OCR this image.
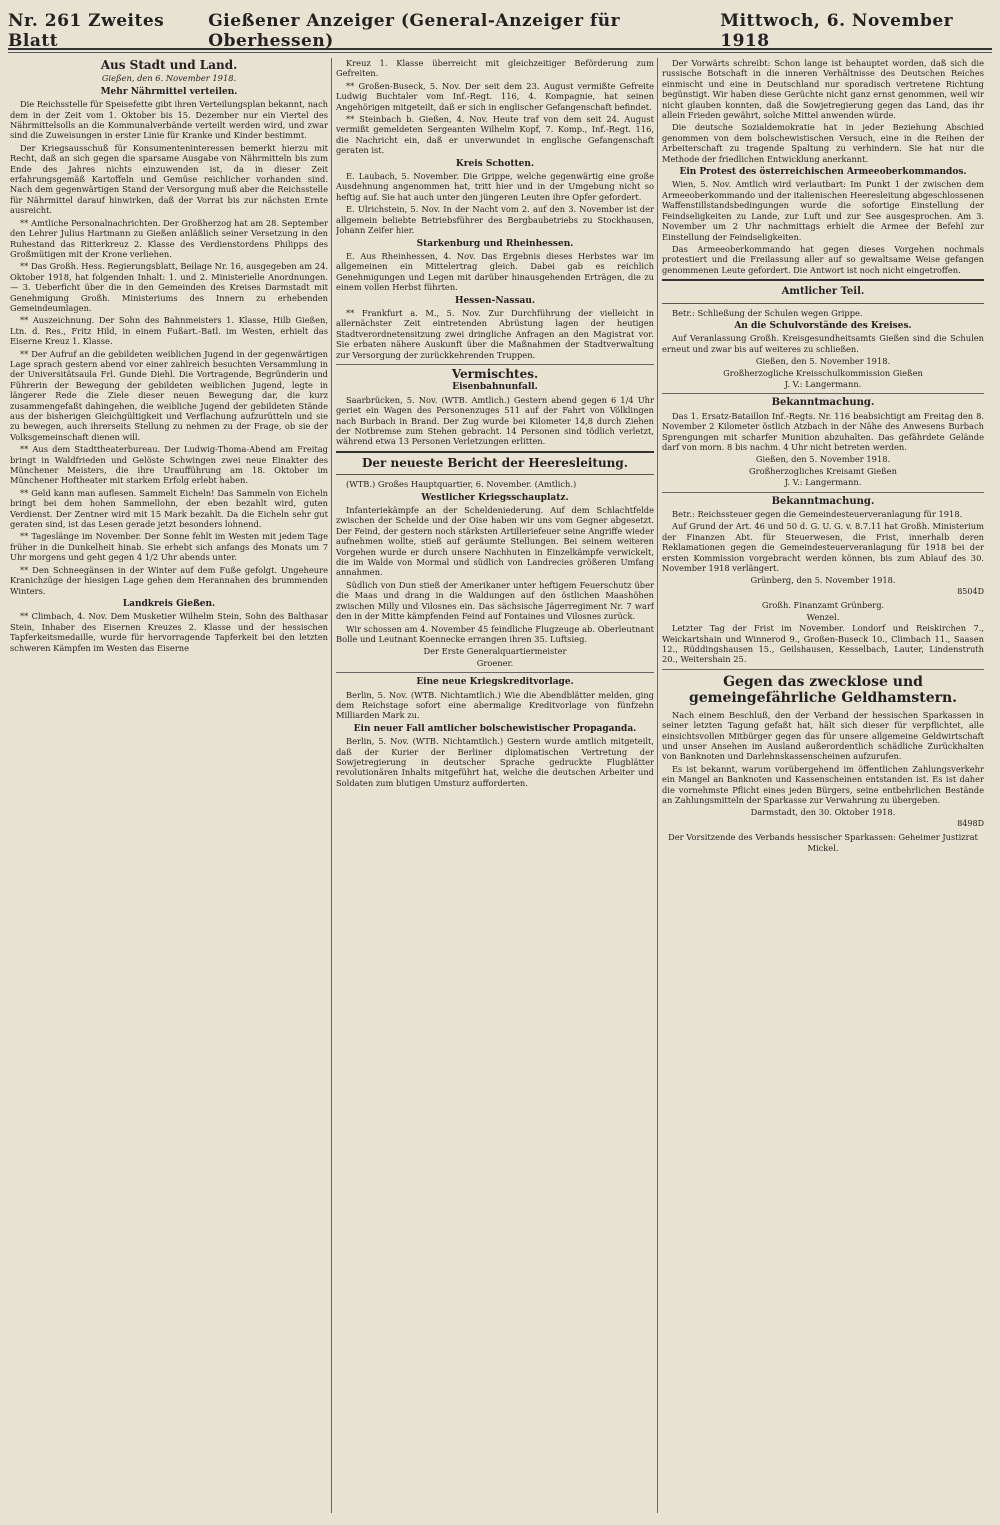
Nr. 261 Zweites Blatt
Gießener Anzeiger (General-Anzeiger für Oberhessen)
Mittwoch, 6. November 1918
Aus Stadt und Land.
Gießen, den 6. November 1918.
Mehr Nährmittel verteilen.

Die Reichsstelle für Speisefette gibt ihren Verteilungsplan bekannt, nach dem in der Zeit vom 1. Oktober bis 15. Dezember nur ein Viertel des Nährmittelsolls an die Kommunalverbände verteilt werden wird, und zwar sind die Zuweisungen in erster Linie für Kranke und Kinder bestimmt.

Der Kriegsausschuß für Konsumenteninteressen bemerkt hierzu mit Recht, daß an sich gegen die sparsame Ausgabe von Nährmitteln bis zum Ende des Jahres nichts einzuwenden ist, da in dieser Zeit erfahrungsgemäß Kartoffeln und Gemüse reichlicher vorhanden sind. Nach dem gegenwärtigen Stand der Versorgung muß aber die Reichsstelle für Nährmittel darauf hinwirken, daß der Vorrat bis zur nächsten Ernte ausreicht.

** Amtliche Personalnachrichten. Der Großherzog hat am 28. September den Lehrer Julius Hartmann zu Gießen anläßlich seiner Versetzung in den Ruhestand das Ritterkreuz 2. Klasse des Verdienstordens Philipps des Großmütigen mit der Krone verliehen.

** Das Großh. Hess. Regierungsblatt, Beilage Nr. 16, ausgegeben am 24. Oktober 1918, hat folgenden Inhalt: 1. und 2. Ministerielle Anordnungen. — 3. Ueberficht über die in den Gemeinden des Kreises Darmstadt mit Genehmigung Großh. Ministeriums des Innern zu erhebenden Gemeindeumlagen.

** Auszeichnung. Der Sohn des Bahnmeisters 1. Klasse, Hilb Gießen, Ltn. d. Res., Fritz Hild, in einem Fußart.-Batl. im Westen, erhielt das Eiserne Kreuz 1. Klasse.

** Der Aufruf an die gebildeten weiblichen Jugend in der gegenwärtigen Lage sprach gestern abend vor einer zahlreich besuchten Versammlung in der Universitätsaula Frl. Gunde Diehl. Die Vortragende, Begründerin und Führerin der Bewegung der gebildeten weiblichen Jugend, legte in längerer Rede die Ziele dieser neuen Bewegung dar, die kurz zusammengefaßt dahingehen, die weibliche Jugend der gebildeten Stände aus der bisherigen Gleichgültigkeit und Verflachung aufzurütteln und sie zu bewegen, auch ihrerseits Stellung zu nehmen zu der Frage, ob sie der Volksgemeinschaft dienen will.

** Aus dem Stadttheaterbureau. Der Ludwig-Thoma-Abend am Freitag bringt in Waldfrieden und Gelöste Schwingen zwei neue Einakter des Münchener Meisters, die ihre Uraufführung am 18. Oktober im Münchener Hoftheater mit starkem Erfolg erlebt haben.

** Geld kann man auflesen. Sammelt Eicheln! Das Sammeln von Eicheln bringt bei dem hohen Sammellohn, der eben bezahlt wird, guten Verdienst. Der Zentner wird mit 15 Mark bezahlt. Da die Eicheln sehr gut geraten sind, ist das Lesen gerade jetzt besonders lohnend.

** Tageslänge im November. Der Sonne fehlt im Westen mit jedem Tage früher in die Dunkelheit hinab. Sie erhebt sich anfangs des Monats um 7 Uhr morgens und geht gegen 4 1/2 Uhr abends unter.

** Den Schneegänsen in der Winter auf dem Fuße gefolgt. Ungeheure Kranichzüge der hiesigen Lage gehen dem Herannahen des brummenden Winters.

Landkreis Gießen.

** Climbach, 4. Nov. Dem Musketier Wilhelm Stein, Sohn des Balthasar Stein, Inhaber des Eisernen Kreuzes 2. Klasse und der hessischen Tapferkeitsmedaille, wurde für hervorragende Tapferkeit bei den letzten schweren Kämpfen im Westen das Eiserne

Kreuz 1. Klasse überreicht mit gleichzeitiger Beförderung zum Gefreiten.

** Großen-Buseck, 5. Nov. Der seit dem 23. August vermißte Gefreite Ludwig Buchtaler vom Inf.-Regt. 116, 4. Kompagnie, hat seinen Angehörigen mitgeteilt, daß er sich in englischer Gefangenschaft befindet.

** Steinbach b. Gießen, 4. Nov. Heute traf von dem seit 24. August vermißt gemeldeten Sergeanten Wilhelm Kopf, 7. Komp., Inf.-Regt. 116, die Nachricht ein, daß er unverwundet in englische Gefangenschaft geraten ist.

Kreis Schotten.

E. Laubach, 5. November. Die Grippe, welche gegenwärtig eine große Ausdehnung angenommen hat, tritt hier und in der Umgebung nicht so heftig auf. Sie hat auch unter den jüngeren Leuten ihre Opfer gefordert.

E. Ulrichstein, 5. Nov. In der Nacht vom 2. auf den 3. November ist der allgemein beliebte Betriebsführer des Bergbaubetriebs zu Stockhausen, Johann Zeifer hier.

Starkenburg und Rheinhessen.

E. Aus Rheinhessen, 4. Nov. Das Ergebnis dieses Herbstes war im allgemeinen ein Mittelertrag gleich. Dabei gab es reichlich Genehmigungen und Legen mit darüber hinausgehenden Erträgen, die zu einem vollen Herbst führten.

Hessen-Nassau.

** Frankfurt a. M., 5. Nov. Zur Durchführung der vielleicht in allernächster Zeit eintretenden Abrüstung lagen der heutigen Stadtverordnetensitzung zwei dringliche Anfragen an den Magistrat vor. Sie erbaten nähere Auskunft über die Maßnahmen der Stadtverwaltung zur Versorgung der zurückkehrenden Truppen.

Vermischtes.
Eisenbahnunfall.

Saarbrücken, 5. Nov. (WTB. Amtlich.) Gestern abend gegen 6 1/4 Uhr geriet ein Wagen des Personenzuges 511 auf der Fahrt von Völklingen nach Burbach in Brand. Der Zug wurde bei Kilometer 14,8 durch Ziehen der Notbremse zum Stehen gebracht. 14 Personen sind tödlich verletzt, während etwa 13 Personen Verletzungen erlitten.

Der neueste Bericht der Heeresleitung.

(WTB.) Großes Hauptquartier, 6. November. (Amtlich.)

Westlicher Kriegsschauplatz.

Infanteriekämpfe an der Scheldeniederung. Auf dem Schlachtfelde zwischen der Schelde und der Oise haben wir uns vom Gegner abgesetzt. Der Feind, der gestern noch stärksten Artilleriefeuer seine Angriffe wieder aufnehmen wollte, stieß auf geräumte Stellungen. Bei seinem weiteren Vorgehen wurde er durch unsere Nachhuten in Einzelkämpfe verwickelt, die im Walde von Mormal und südlich von Landrecies größeren Umfang annahmen.

Südlich von Dun stieß der Amerikaner unter heftigem Feuerschutz über die Maas und drang in die Waldungen auf den östlichen Maashöhen zwischen Milly und Vilosnes ein. Das sächsische Jägerregiment Nr. 7 warf den in der Mitte kämpfenden Feind auf Fontaines und Vilosnes zurück.

Wir schossen am 4. November 45 feindliche Flugzeuge ab. Oberleutnant Bolle und Leutnant Koennecke errangen ihren 35. Luftsieg.

Der Erste Generalquartiermeister
Groener.
Eine neue Kriegskreditvorlage.

Berlin, 5. Nov. (WTB. Nichtamtlich.) Wie die Abendblätter melden, ging dem Reichstage sofort eine abermalige Kreditvorlage von fünfzehn Milliarden Mark zu.

Ein neuer Fall amtlicher bolschewistischer Propaganda.

Berlin, 5. Nov. (WTB. Nichtamtlich.) Gestern wurde amtlich mitgeteilt, daß der Kurier der Berliner diplomatischen Vertretung der Sowjetregierung in deutscher Sprache gedruckte Flugblätter revolutionären Inhalts mitgeführt hat, welche die deutschen Arbeiter und Soldaten zum blutigen Umsturz aufforderten.

Der Vorwärts schreibt: Schon lange ist behauptet worden, daß sich die russische Botschaft in die inneren Verhältnisse des Deutschen Reiches einmischt und eine in Deutschland nur sporadisch vertretene Richtung begünstigt. Wir haben diese Gerüchte nicht ganz ernst genommen, weil wir nicht glauben konnten, daß die Sowjetregierung gegen das Land, das ihr allein Frieden gewährt, solche Mittel anwenden würde.

Die deutsche Sozialdemokratie hat in jeder Beziehung Abschied genommen von dem bolschewistischen Versuch, eine in die Reihen der Arbeiterschaft zu tragende Spaltung zu verhindern. Sie hat nur die Methode der friedlichen Entwicklung anerkannt.

Ein Protest des österreichischen Armeeoberkommandos.

Wien, 5. Nov. Amtlich wird verlautbart: Im Punkt 1 der zwischen dem Armeeoberkommando und der italienischen Heeresleitung abgeschlossenen Waffenstillstandsbedingungen wurde die sofortige Einstellung der Feindseligkeiten zu Lande, zur Luft und zur See ausgesprochen. Am 3. November um 2 Uhr nachmittags erhielt die Armee der Befehl zur Einstellung der Feindseligkeiten.

Das Armeeoberkommando hat gegen dieses Vorgehen nochmals protestiert und die Freilassung aller auf so gewaltsame Weise gefangen genommenen Leute gefordert. Die Antwort ist noch nicht eingetroffen.

Amtlicher Teil.

Betr.: Schließung der Schulen wegen Grippe.

An die Schulvorstände des Kreises.

Auf Veranlassung Großh. Kreisgesundheitsamts Gießen sind die Schulen erneut und zwar bis auf weiteres zu schließen.

Gießen, den 5. November 1918.
Großherzogliche Kreisschulkommission Gießen
J. V.: Langermann.
Bekanntmachung.

Das 1. Ersatz-Bataillon Inf.-Regts. Nr. 116 beabsichtigt am Freitag den 8. November 2 Kilometer östlich Atzbach in der Nähe des Anwesens Burbach Sprengungen mit scharfer Munition abzuhalten. Das gefährdete Gelände darf von morn. 8 bis nachm. 4 Uhr nicht betreten werden.

Gießen, den 5. November 1918.
Großherzogliches Kreisamt Gießen
J. V.: Langermann.
Bekanntmachung.

Betr.: Reichssteuer gegen die Gemeindesteuerveranlagung für 1918.

Auf Grund der Art. 46 und 50 d. G. U. G. v. 8.7.11 hat Großh. Ministerium der Finanzen Abt. für Steuerwesen, die Frist, innerhalb deren Reklamationen gegen die Gemeindesteuerveranlagung für 1918 bei der ersten Kommission vorgebracht werden können, bis zum Ablauf des 30. November 1918 verlängert.

Grünberg, den 5. November 1918.
8504D
Großh. Finanzamt Grünberg.
Wenzel.

Letzter Tag der Frist im November. Londorf und Reiskirchen 7., Weickartshain und Winnerod 9., Großen-Buseck 10., Climbach 11., Saasen 12., Rüddingshausen 15., Geilshausen, Kesselbach, Lauter, Lindenstruth 20., Weitershain 25.

Gegen das zwecklose und gemeingefährliche Geldhamstern.

Nach einem Beschluß, den der Verband der hessischen Sparkassen in seiner letzten Tagung gefaßt hat, hält sich dieser für verpflichtet, alle einsichtsvollen Mitbürger gegen das für unsere allgemeine Geldwirtschaft und unser Ansehen im Ausland außerordentlich schädliche Zurückhalten von Banknoten und Darlehnskassenscheinen aufzurufen.

Es ist bekannt, warum vorübergehend im öffentlichen Zahlungsverkehr ein Mangel an Banknoten und Kassenscheinen entstanden ist. Es ist daher die vornehmste Pflicht eines jeden Bürgers, seine entbehrlichen Bestände an Zahlungsmitteln der Sparkasse zur Verwahrung zu übergeben.

Darmstadt, den 30. Oktober 1918.
8498D
Der Vorsitzende des Verbands hessischer Sparkassen: Geheimer Justizrat Mickel.
